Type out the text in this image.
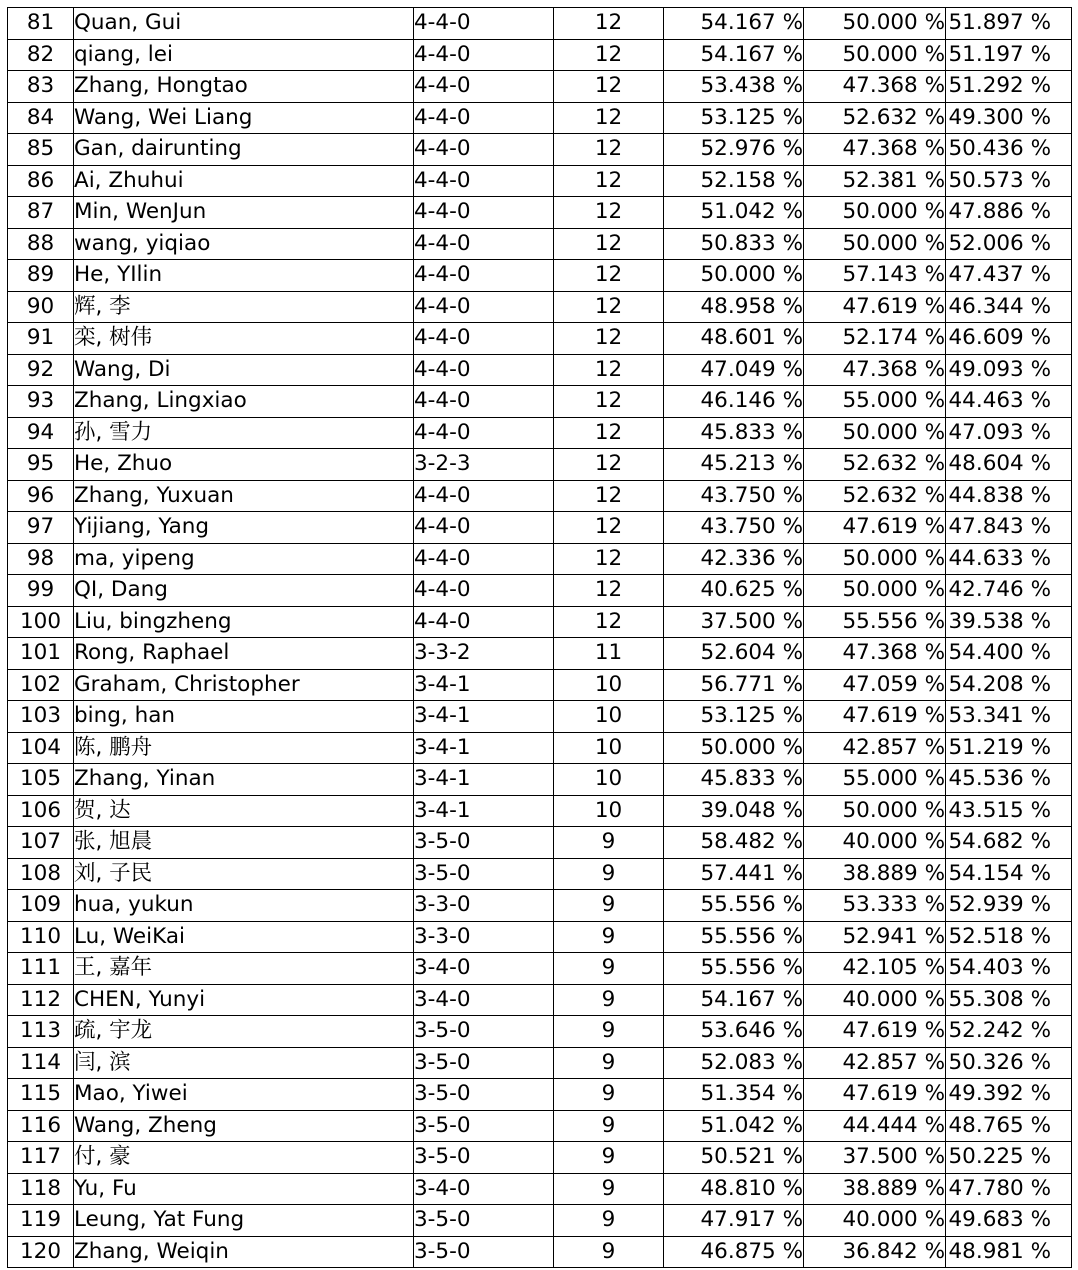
81	Quan, Gui	4-4-0	12	54.167 %	50.000 %	51.897 %
82	qiang, lei	4-4-0	12	54.167 %	50.000 %	51.197 %
83	Zhang, Hongtao	4-4-0	12	53.438 %	47.368 %	51.292 %
84	Wang, Wei Liang	4-4-0	12	53.125 %	52.632 %	49.300 %
85	Gan, dairunting	4-4-0	12	52.976 %	47.368 %	50.436 %
86	Ai, Zhuhui	4-4-0	12	52.158 %	52.381 %	50.573 %
87	Min, WenJun	4-4-0	12	51.042 %	50.000 %	47.886 %
88	wang, yiqiao	4-4-0	12	50.833 %	50.000 %	52.006 %
89	He, YIlin	4-4-0	12	50.000 %	57.143 %	47.437 %
90	辉, 李	4-4-0	12	48.958 %	47.619 %	46.344 %
91	栾, 树伟	4-4-0	12	48.601 %	52.174 %	46.609 %
92	Wang, Di	4-4-0	12	47.049 %	47.368 %	49.093 %
93	Zhang, Lingxiao	4-4-0	12	46.146 %	55.000 %	44.463 %
94	孙, 雪力	4-4-0	12	45.833 %	50.000 %	47.093 %
95	He, Zhuo	3-2-3	12	45.213 %	52.632 %	48.604 %
96	Zhang, Yuxuan	4-4-0	12	43.750 %	52.632 %	44.838 %
97	Yijiang, Yang	4-4-0	12	43.750 %	47.619 %	47.843 %
98	ma, yipeng	4-4-0	12	42.336 %	50.000 %	44.633 %
99	QI, Dang	4-4-0	12	40.625 %	50.000 %	42.746 %
100	Liu, bingzheng	4-4-0	12	37.500 %	55.556 %	39.538 %
101	Rong, Raphael	3-3-2	11	52.604 %	47.368 %	54.400 %
102	Graham, Christopher	3-4-1	10	56.771 %	47.059 %	54.208 %
103	bing, han	3-4-1	10	53.125 %	47.619 %	53.341 %
104	陈, 鹏舟	3-4-1	10	50.000 %	42.857 %	51.219 %
105	Zhang, Yinan	3-4-1	10	45.833 %	55.000 %	45.536 %
106	贺, 达	3-4-1	10	39.048 %	50.000 %	43.515 %
107	张, 旭晨	3-5-0	9	58.482 %	40.000 %	54.682 %
108	刘, 子民	3-5-0	9	57.441 %	38.889 %	54.154 %
109	hua, yukun	3-3-0	9	55.556 %	53.333 %	52.939 %
110	Lu, WeiKai	3-3-0	9	55.556 %	52.941 %	52.518 %
111	王, 嘉年	3-4-0	9	55.556 %	42.105 %	54.403 %
112	CHEN, Yunyi	3-4-0	9	54.167 %	40.000 %	55.308 %
113	疏, 宇龙	3-5-0	9	53.646 %	47.619 %	52.242 %
114	闫, 滨	3-5-0	9	52.083 %	42.857 %	50.326 %
115	Mao, Yiwei	3-5-0	9	51.354 %	47.619 %	49.392 %
116	Wang, Zheng	3-5-0	9	51.042 %	44.444 %	48.765 %
117	付, 豪	3-5-0	9	50.521 %	37.500 %	50.225 %
118	Yu, Fu	3-4-0	9	48.810 %	38.889 %	47.780 %
119	Leung, Yat Fung	3-5-0	9	47.917 %	40.000 %	49.683 %
120	Zhang, Weiqin	3-5-0	9	46.875 %	36.842 %	48.981 %
